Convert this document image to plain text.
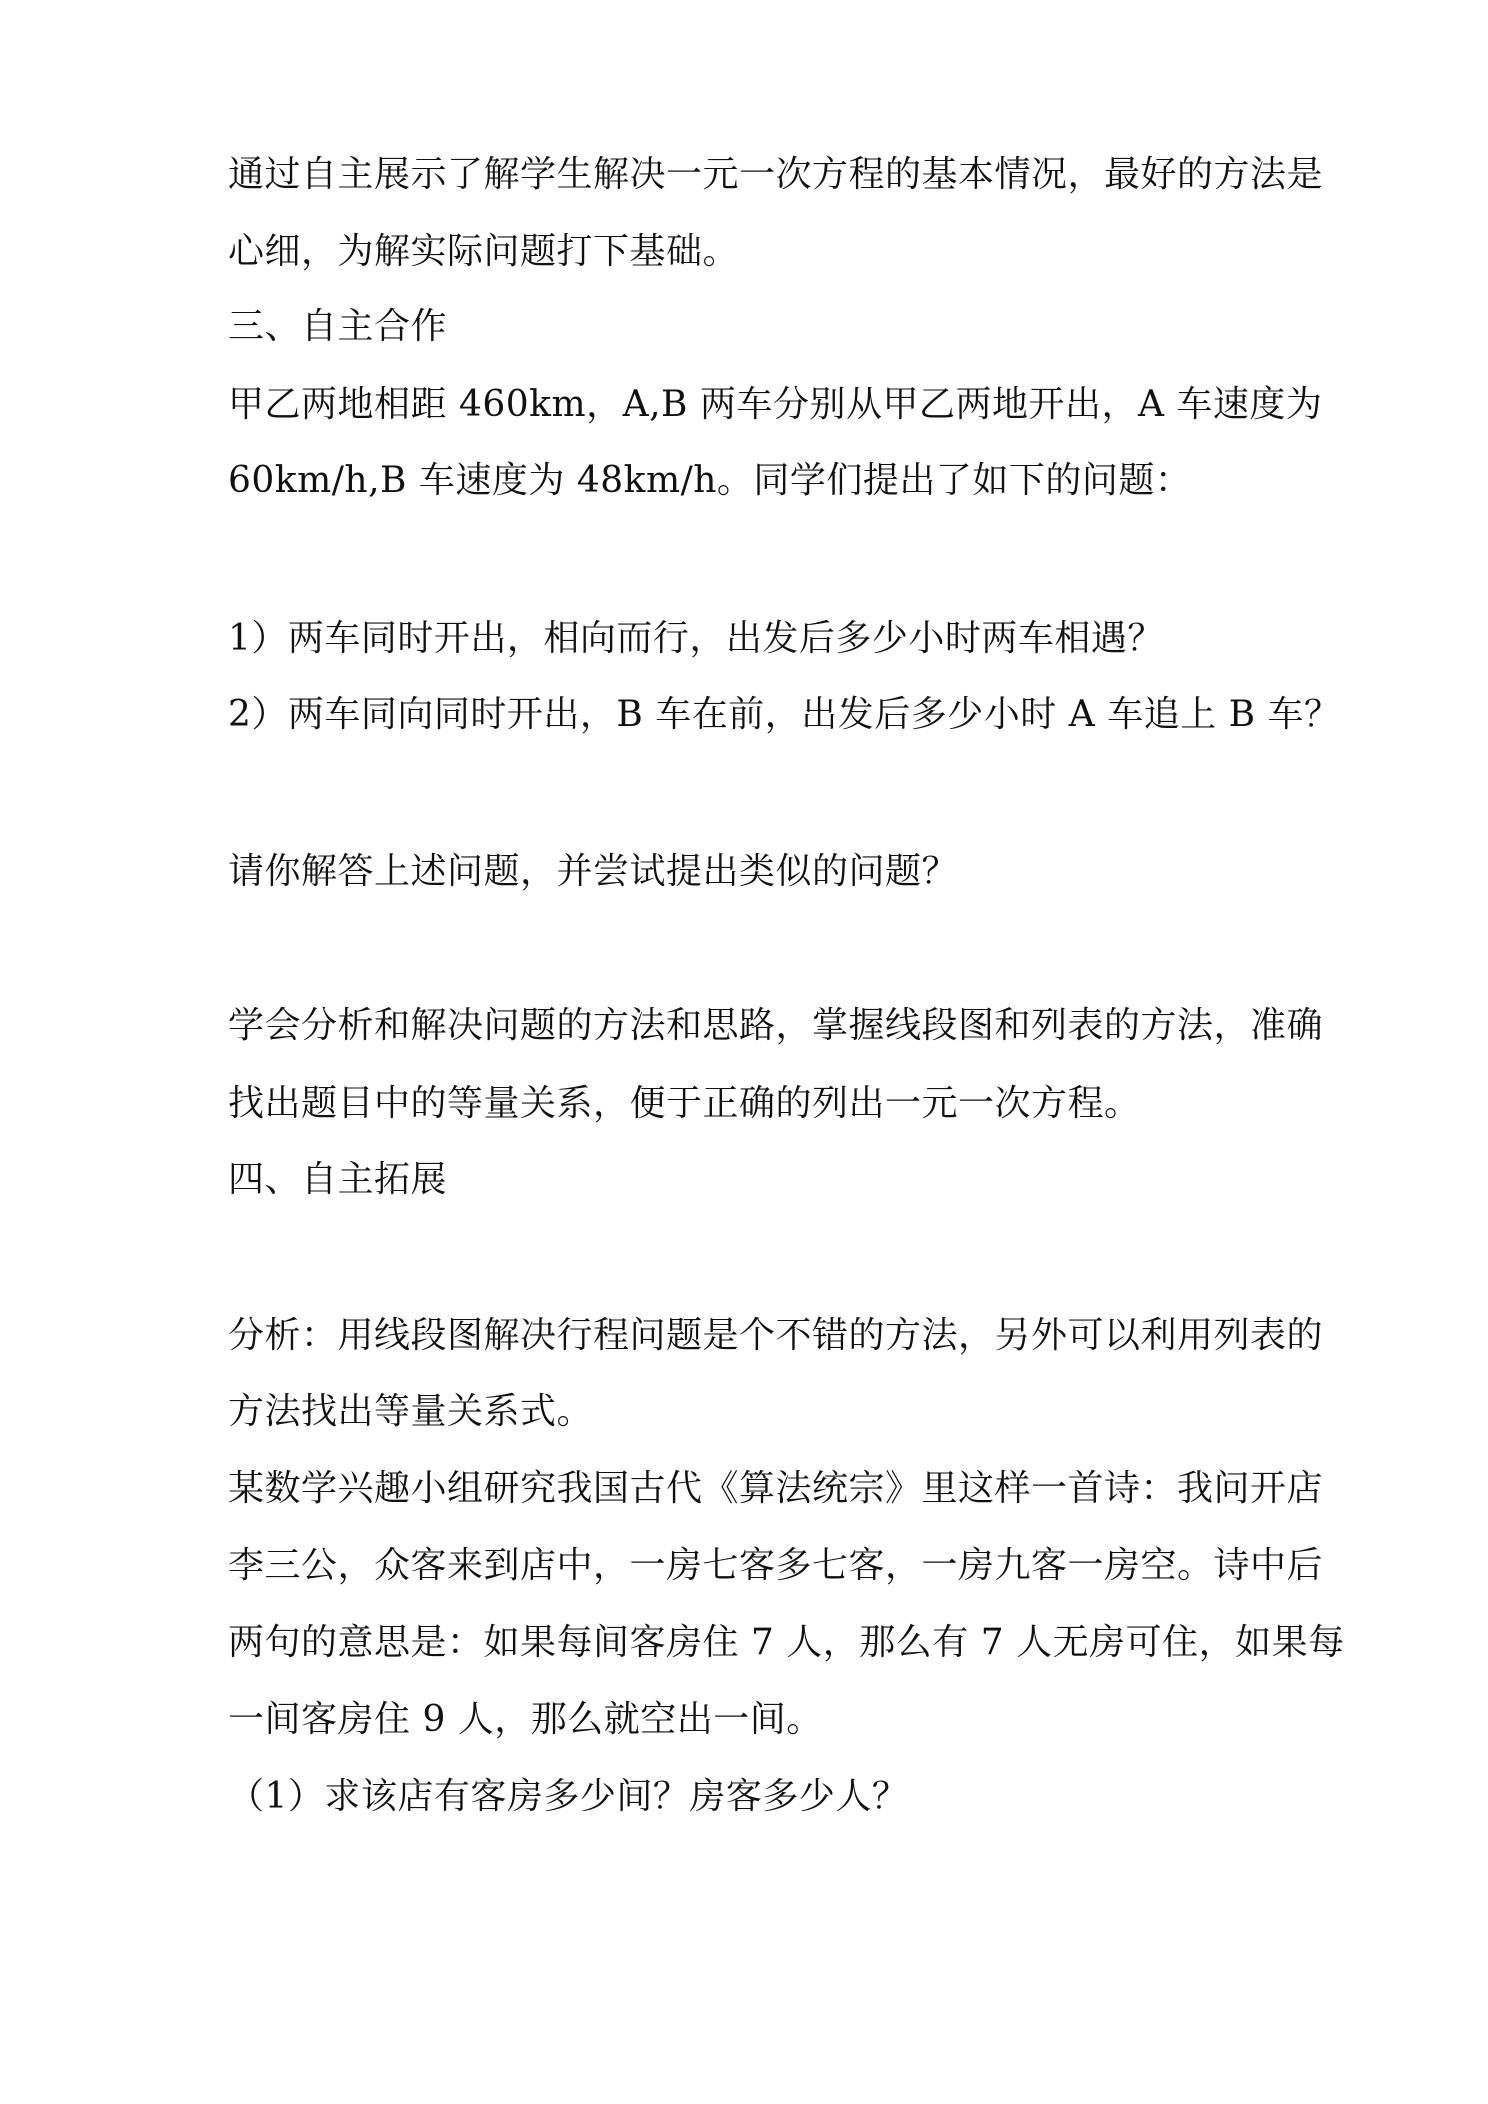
通过自主展示了解学生解决一元一次方程的基本情况，最好的方法是
心细，为解实际问题打下基础。
三、自主合作
甲乙两地相距 460km，A,B 两车分别从甲乙两地开出，A 车速度为
60km/h,B 车速度为 48km/h。同学们提出了如下的问题：
1）两车同时开出，相向而行，出发后多少小时两车相遇？
2）两车同向同时开出，B 车在前，出发后多少小时 A 车追上 B 车？
请你解答上述问题，并尝试提出类似的问题？
学会分析和解决问题的方法和思路，掌握线段图和列表的方法，准确
找出题目中的等量关系，便于正确的列出一元一次方程。
四、自主拓展
分析：用线段图解决行程问题是个不错的方法，另外可以利用列表的
方法找出等量关系式。
某数学兴趣小组研究我国古代《算法统宗》里这样一首诗：我问开店
李三公，众客来到店中，一房七客多七客，一房九客一房空。诗中后
两句的意思是：如果每间客房住 7 人，那么有 7 人无房可住，如果每
一间客房住 9 人，那么就空出一间。
（1）求该店有客房多少间？房客多少人？
